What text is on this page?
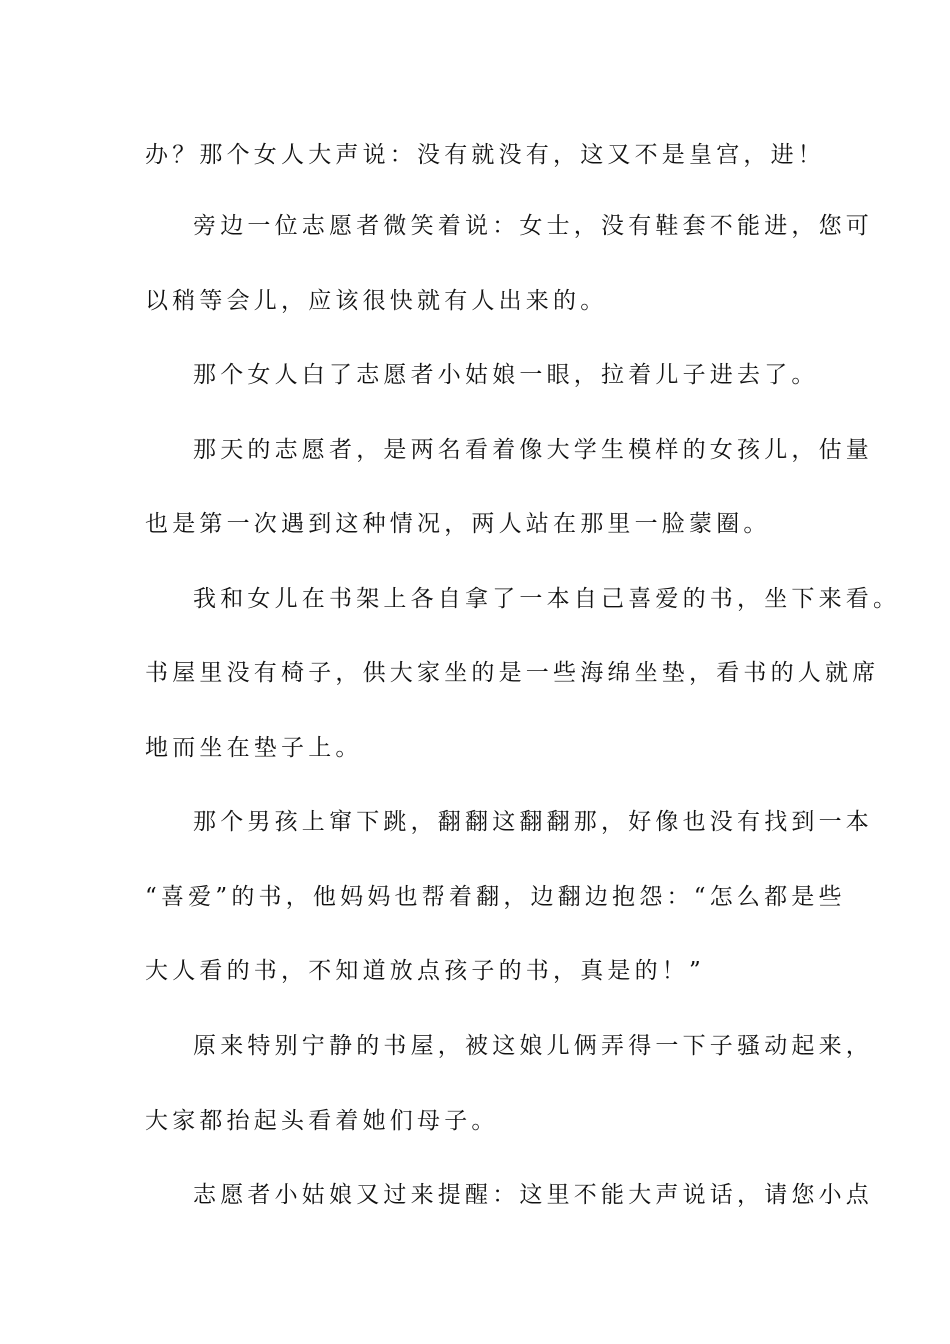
办？那个女人大声说：没有就没有，这又不是皇宫，进！
旁边一位志愿者微笑着说：女士，没有鞋套不能进，您可
以稍等会儿，应该很快就有人出来的。
那个女人白了志愿者小姑娘一眼，拉着儿子进去了。
那天的志愿者，是两名看着像大学生模样的女孩儿，估量
也是第一次遇到这种情况，两人站在那里一脸蒙圈。
我和女儿在书架上各自拿了一本自己喜爱的书，坐下来看。
书屋里没有椅子，供大家坐的是一些海绵坐垫，看书的人就席
地而坐在垫子上。
那个男孩上窜下跳，翻翻这翻翻那，好像也没有找到一本
“喜爱”的书，他妈妈也帮着翻，边翻边抱怨：“怎么都是些
大人看的书，不知道放点孩子的书，真是的！”
原来特别宁静的书屋，被这娘儿俩弄得一下子骚动起来，
大家都抬起头看着她们母子。
志愿者小姑娘又过来提醒：这里不能大声说话，请您小点
